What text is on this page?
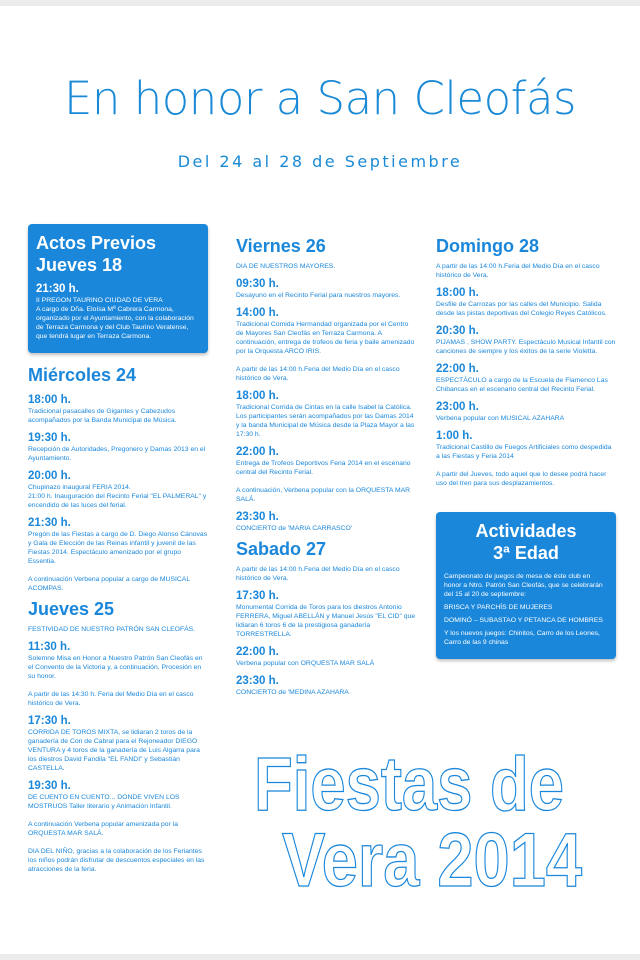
En honor a San Cleofás
Del 24 al 28 de Septiembre
Actos Previos
Jueves 18
21:30 h.
II PREGON TAURINO CIUDAD DE VERA
A cargo de Dña. Eloísa Mª Cabrera Carmona, organizado por el Ayuntamiento, con la colaboración de Terraza Carmona y del Club Taurino Veratense, que tendrá lugar en Terraza Carmona.
Miércoles 24
18:00 h.
Tradicional pasacalles de Gigantes y Cabezudos acompañados por la Banda Municipal de Música.
19:30 h.
Recepción de Autoridades, Pregonero y Damas 2013 en el Ayuntamiento.
20:00 h.
Chupinazo inaugural FERIA 2014.
21:00 h. Inauguración del Recinto Ferial "EL PALMERAL" y encendido de las luces del ferial.
21:30 h.
Pregón de las Fiestas a cargo de D. Diego Alonso Cánovas y Gala de Elección de las Reinas infantil y juvenil de las Fiestas 2014. Espectáculo amenizado por el grupo Essentia.
A continuación Verbena popular a cargo de MUSICAL ACOMPAS.
Jueves 25
FESTIVIDAD DE NUESTRO PATRÓN SAN CLEOFÁS.
11:30 h.
Solemne Misa en Honor a Nuestro Patrón San Cleofás en el Convento de la Victoria y, a continuación, Procesión en su honor.
A partir de las 14:30 h. Feria del Medio Día en el casco histórico de Vera.
17:30 h.
CORRIDA DE TOROS MIXTA, se lidiaran 2 toros de la ganadería de Con de Cabral para el Rejoneador DIEGO VENTURA y 4 toros de la ganadería de Luis Algarra para los diestros David Fandila "EL FANDI" y Sebastián CASTELLA.
19:30 h.
DE CUENTO EN CUENTO... DONDE VIVEN LOS MOSTRUOS Taller literario y Animación Infantil.
A continuación Verbena popular amenizada por la ORQUESTA MAR SALÁ.
DIA DEL NIÑO, gracias a la colaboración de los Feriantes los niños podrán disfrutar de descuentos especiales en las atracciones de la feria.
Viernes 26
DIA DE NUESTROS MAYORES.
09:30 h.
Desayuno en el Recinto Ferial para nuestros mayores.
14:00 h.
Tradicional Comida Hermandad organizada por el Centro de Mayores San Cleofás en Terraza Carmona. A continuación, entrega de trofeos de feria y baile amenizado por la Orquesta ARCO IRIS.
A partir de las 14:00 h.Feria del Medio Día en el casco histórico de Vera.
18:00 h.
Tradicional Corrida de Cintas en la calle Isabel la Católica. Los participantes serán acompañados por las Damas 2014 y la banda Municipal de Música desde la Plaza Mayor a las 17:30 h.
22:00 h.
Entrega de Trofeos Deportivos Feria 2014 en el escenario central del Recinto Ferial.
A continuación, Verbena popular con la ORQUESTA MAR SALÁ.
23:30 h.
CONCIERTO de 'MARIA CARRASCO'
Sabado 27
A partir de las 14:00 h.Feria del Medio Día en el casco histórico de Vera.
17:30 h.
Monumental Corrida de Toros para los diestros Antonio FERRERA, Miguel ABELLÁN y Manuel Jesús "EL CID" que lidiaran 6 toros 6 de la prestigiosa ganadería TORRESTRELLA.
22:00 h.
Verbena popular con ORQUESTA MAR SALÁ
23:30 h.
CONCIERTO de 'MEDINA AZAHARA
Domingo 28
A partir de las 14:00 h.Feria del Medio Día en el casco histórico de Vera.
18:00 h.
Desfile de Carrozas por las calles del Municipio. Salida desde las pistas deportivas del Colegio Reyes Católicos.
20:30 h.
PIJAMAS , SHOW PARTY. Espectáculo Musical Infantil con canciones de siempre y los éxitos de la serie Violetta.
22:00 h.
ESPECTÁCULO a cargo de la Escuela de Flamenco Las Chibancas en el escenario central del Recinto Ferial.
23:00 h.
Verbena popular con MUSICAL AZAHARA
1:00 h.
Tradicional Castillo de Fuegos Artificiales como despedida a las Fiestas y Feria 2014
A partir del Jueves, todo aquel que lo desee podrá hacer uso del tren para sus desplazamientos.
Actividades
3ª Edad
Campeonato de juegos de mesa de éste club en honor a Ntro. Patrón San Cleofás, que se celebrarán del 15 al 20 de septiembre:
BRISCA Y PARCHÍS DE MUJERES
DOMINÓ – SUBASTAO Y PETANCA DE HOMBRES
Y los nuevos juegos: Chinitos, Carro de los Leones, Carro de las 9 chinas
Fiestas de
Vera 2014
